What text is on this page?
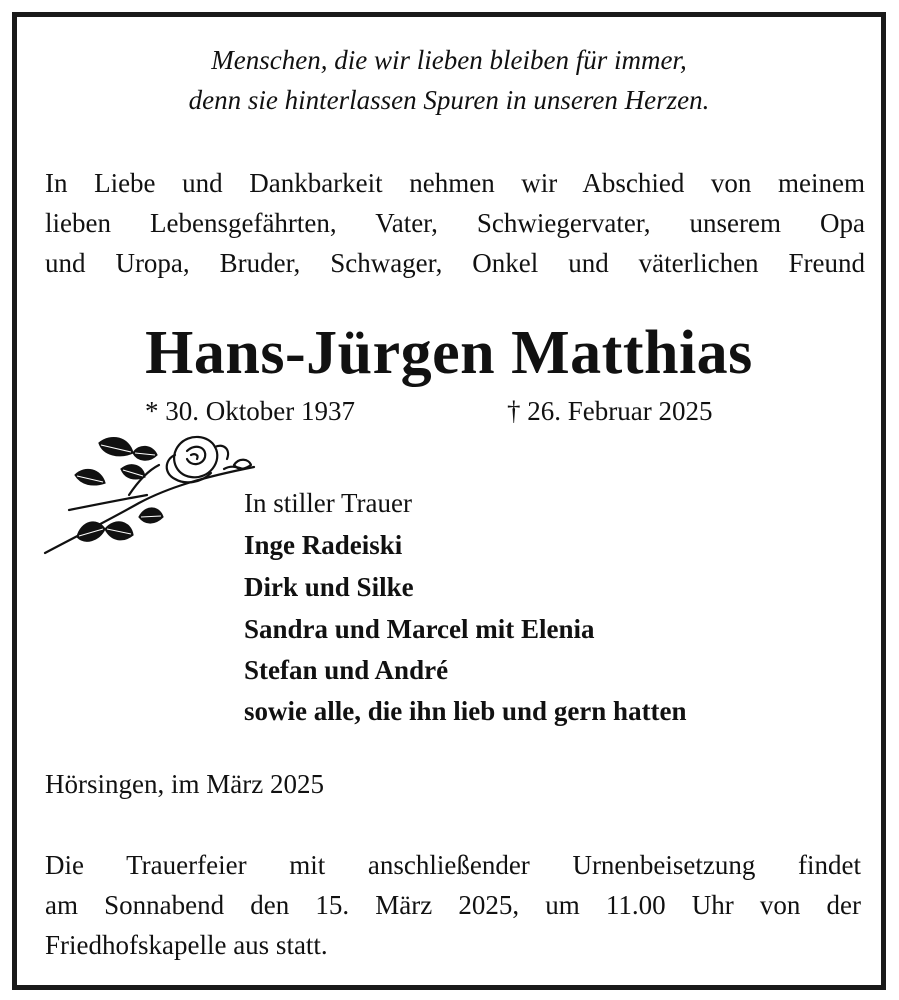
Menschen, die wir lieben bleiben für immer,
denn sie hinterlassen Spuren in unseren Herzen.
In Liebe und Dankbarkeit nehmen wir Abschied von meinem
lieben Lebensgefährten, Vater, Schwiegervater, unserem Opa
und Uropa, Bruder, Schwager, Onkel und väterlichen Freund
Hans-Jürgen Matthias
* 30. Oktober 1937	† 26. Februar 2025
In stiller Trauer
Inge Radeiski
Dirk und Silke
Sandra und Marcel mit Elenia
Stefan und André
sowie alle, die ihn lieb und gern hatten
Hörsingen, im März 2025
Die Trauerfeier mit anschließender Urnenbeisetzung findet
am Sonnabend den 15. März 2025, um 11.00 Uhr von der
Friedhofskapelle aus statt.
